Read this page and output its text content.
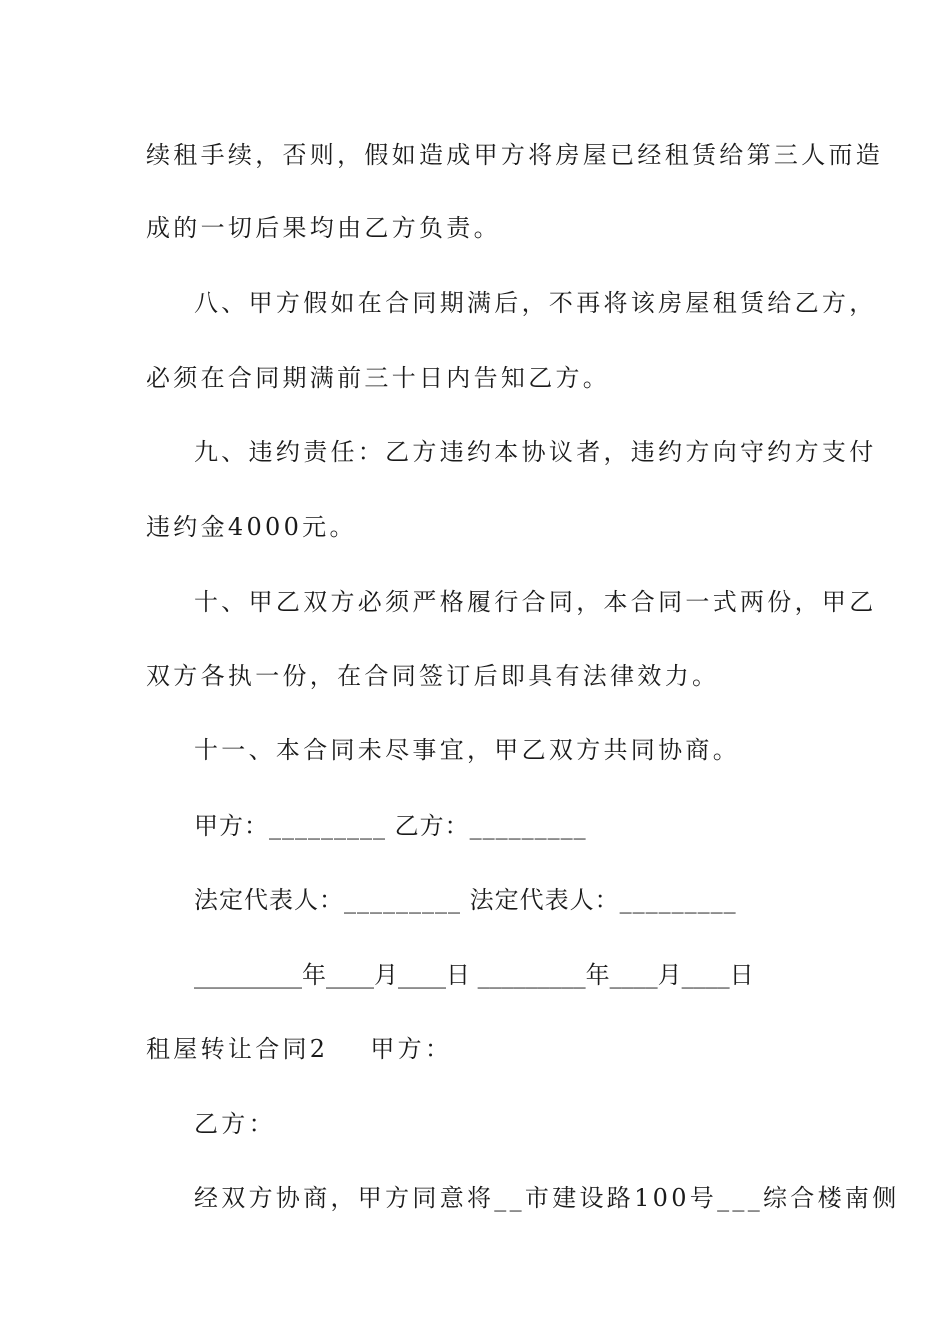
续租手续，否则，假如造成甲方将房屋已经租赁给第三人而造
成的一切后果均由乙方负责。
八、甲方假如在合同期满后，不再将该房屋租赁给乙方，
必须在合同期满前三十日内告知乙方。
九、违约责任：乙方违约本协议者，违约方向守约方支付
违约金4000元。
十、甲乙双方必须严格履行合同，本合同一式两份，甲乙
双方各执一份，在合同签订后即具有法律效力。
十一、本合同未尽事宜，甲乙双方共同协商。
甲方：_________ 乙方：_________
法定代表人：_________ 法定代表人：_________
_________年____月____日 _________年____月____日
租屋转让合同2 甲方：
乙方：
经双方协商，甲方同意将__市建设路100号___综合楼南侧
